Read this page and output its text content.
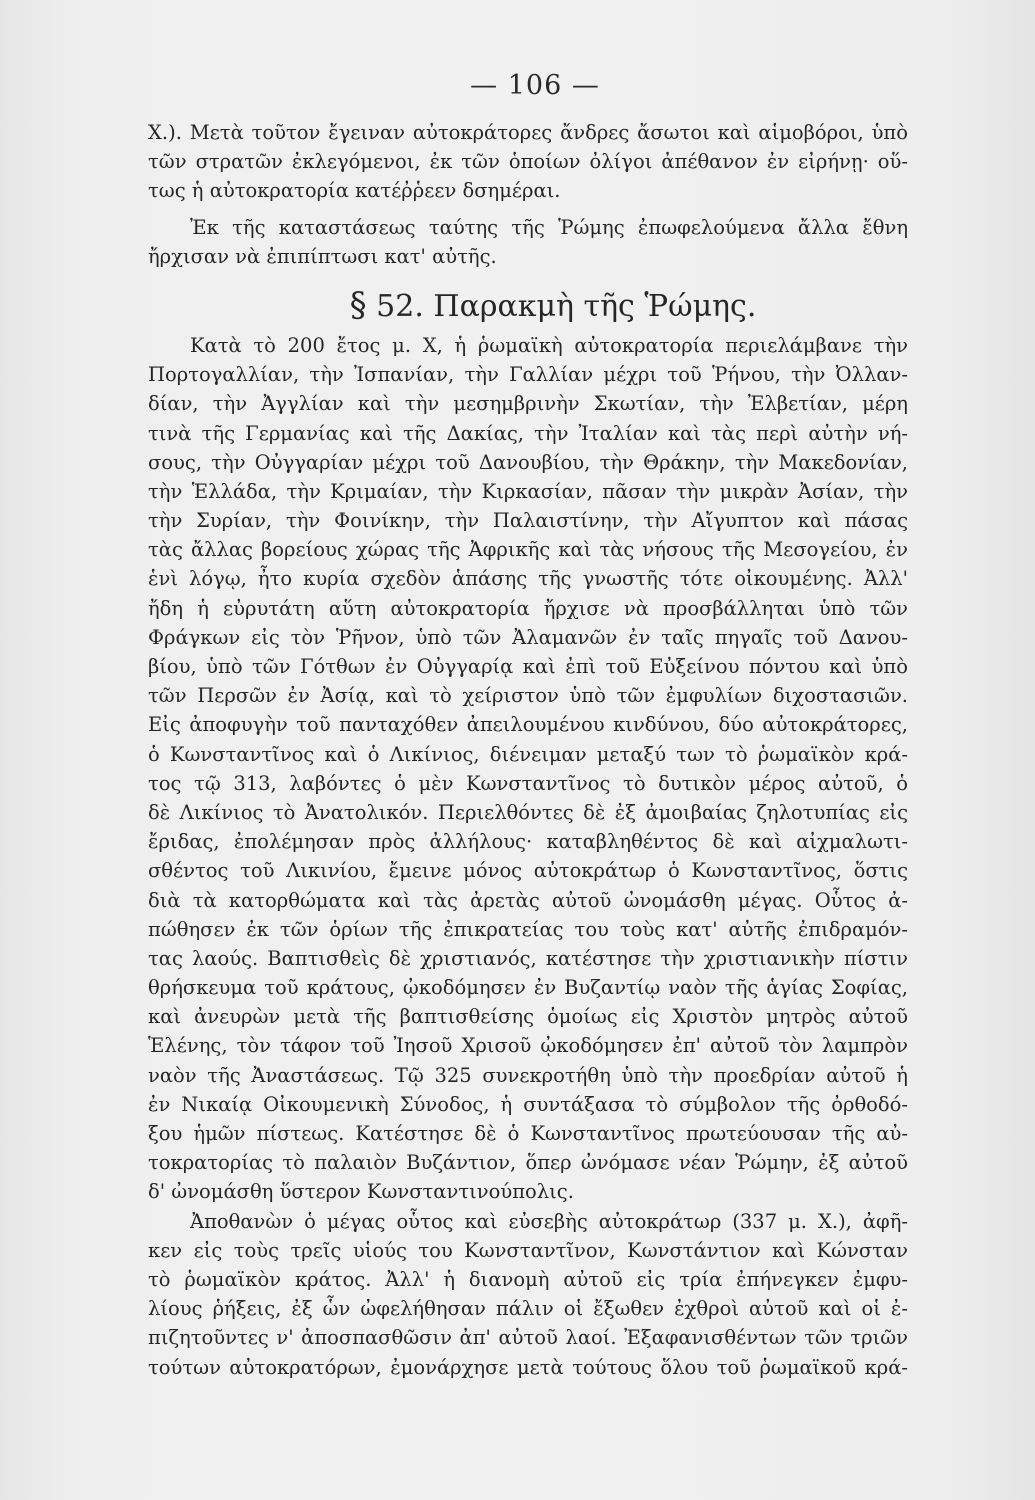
— 106 —
X.). Μετὰ τοῦτον ἔγειναν αὐτοκράτορες ἄνδρες ἄσωτοι καὶ αἱμοβόροι, ὑπὸ
τῶν στρατῶν ἐκλεγόμενοι, ἐκ τῶν ὁποίων ὀλίγοι ἀπέθανον ἐν εἰρήνῃ· οὕ-
τως ἡ αὐτοκρατορία κατέῤῥεεν δσημέραι.
Ἐκ τῆς καταστάσεως ταύτης τῆς Ῥώμης ἐπωφελούμενα ἄλλα ἔθνη
ἤρχισαν νὰ ἐπιπίπτωσι κατ' αὐτῆς.
§ 52. Παρακμὴ τῆς Ῥώμης.
Κατὰ τὸ 200 ἔτος μ. X, ἡ ῥωμαϊκὴ αὐτοκρατορία περιελάμβανε τὴν
Πορτογαλλίαν, τὴν Ἰσπανίαν, τὴν Γαλλίαν μέχρι τοῦ Ῥήνου, τὴν Ὀλλαν-
δίαν, τὴν Ἀγγλίαν καὶ τὴν μεσημβρινὴν Σκωτίαν, τὴν Ἐλβετίαν, μέρη
τινὰ τῆς Γερμανίας καὶ τῆς Δακίας, τὴν Ἰταλίαν καὶ τὰς περὶ αὐτὴν νή-
σους, τὴν Οὐγγαρίαν μέχρι τοῦ Δανουβίου, τὴν Θράκην, τὴν Μακεδονίαν,
τὴν Ἑλλάδα, τὴν Κριμαίαν, τὴν Κιρκασίαν, πᾶσαν τὴν μικρὰν Ἀσίαν, τὴν
τὴν Συρίαν, τὴν Φοινίκην, τὴν Παλαιστίνην, τὴν Αἴγυπτον καὶ πάσας
τὰς ἄλλας βορείους χώρας τῆς Ἀφρικῆς καὶ τὰς νήσους τῆς Μεσογείου, ἐν
ἑνὶ λόγῳ, ἦτο κυρία σχεδὸν ἁπάσης τῆς γνωστῆς τότε οἰκουμένης. Ἀλλ'
ἤδη ἡ εὐρυτάτη αὕτη αὐτοκρατορία ἤρχισε νὰ προσβάλληται ὑπὸ τῶν
Φράγκων εἰς τὸν Ῥῆνον, ὑπὸ τῶν Ἀλαμανῶν ἐν ταῖς πηγαῖς τοῦ Δανου-
βίου, ὑπὸ τῶν Γότθων ἐν Οὐγγαρίᾳ καὶ ἐπὶ τοῦ Εὐξείνου πόντου καὶ ὑπὸ
τῶν Περσῶν ἐν Ἀσίᾳ, καὶ τὸ χείριστον ὑπὸ τῶν ἐμφυλίων διχοστασιῶν.
Εἰς ἀποφυγὴν τοῦ πανταχόθεν ἀπειλουμένου κινδύνου, δύο αὐτοκράτορες,
ὁ Κωνσταντῖνος καὶ ὁ Λικίνιος, διένειμαν μεταξύ των τὸ ῥωμαϊκὸν κρά-
τος τῷ 313, λαβόντες ὁ μὲν Κωνσταντῖνος τὸ δυτικὸν μέρος αὐτοῦ, ὁ
δὲ Λικίνιος τὸ Ἀνατολικόν. Περιελθόντες δὲ ἐξ ἀμοιβαίας ζηλοτυπίας εἰς
ἔριδας, ἐπολέμησαν πρὸς ἀλλήλους· καταβληθέντος δὲ καὶ αἰχμαλωτι-
σθέντος τοῦ Λικινίου, ἔμεινε μόνος αὐτοκράτωρ ὁ Κωνσταντῖνος, ὅστις
διὰ τὰ κατορθώματα καὶ τὰς ἀρετὰς αὐτοῦ ὠνομάσθη μέγας. Οὗτος ἀ-
πώθησεν ἐκ τῶν ὁρίων τῆς ἐπικρατείας του τοὺς κατ' αὐτῆς ἐπιδραμόν-
τας λαούς. Βαπτισθεὶς δὲ χριστιανός, κατέστησε τὴν χριστιανικὴν πίστιν
θρήσκευμα τοῦ κράτους, ᾠκοδόμησεν ἐν Βυζαντίῳ ναὸν τῆς ἁγίας Σοφίας,
καὶ ἀνευρὼν μετὰ τῆς βαπτισθείσης ὁμοίως εἰς Χριστὸν μητρὸς αὐτοῦ
Ἑλένης, τὸν τάφον τοῦ Ἰησοῦ Χρισοῦ ᾠκοδόμησεν ἐπ' αὐτοῦ τὸν λαμπρὸν
ναὸν τῆς Ἀναστάσεως. Τῷ 325 συνεκροτήθη ὑπὸ τὴν προεδρίαν αὐτοῦ ἡ
ἐν Νικαίᾳ Οἰκουμενικὴ Σύνοδος, ἡ συντάξασα τὸ σύμβολον τῆς ὀρθοδό-
ξου ἡμῶν πίστεως. Κατέστησε δὲ ὁ Κωνσταντῖνος πρωτεύουσαν τῆς αὐ-
τοκρατορίας τὸ παλαιὸν Βυζάντιον, ὅπερ ὠνόμασε νέαν Ῥώμην, ἐξ αὐτοῦ
δ' ὠνομάσθη ὕστερον Κωνσταντινούπολις.
Ἀποθανὼν ὁ μέγας οὗτος καὶ εὐσεβὴς αὐτοκράτωρ (337 μ. X.), ἀφῆ-
κεν εἰς τοὺς τρεῖς υἱούς του Κωνσταντῖνον, Κωνστάντιον καὶ Κώνσταν
τὸ ῥωμαϊκὸν κράτος. Ἀλλ' ἡ διανομὴ αὐτοῦ εἰς τρία ἐπήνεγκεν ἐμφυ-
λίους ῥήξεις, ἐξ ὧν ὠφελήθησαν πάλιν οἱ ἔξωθεν ἐχθροὶ αὐτοῦ καὶ οἱ ἐ-
πιζητοῦντες ν' ἀποσπασθῶσιν ἀπ' αὐτοῦ λαοί. Ἐξαφανισθέντων τῶν τριῶν
τούτων αὐτοκρατόρων, ἐμονάρχησε μετὰ τούτους ὅλου τοῦ ῥωμαϊκοῦ κρά-
